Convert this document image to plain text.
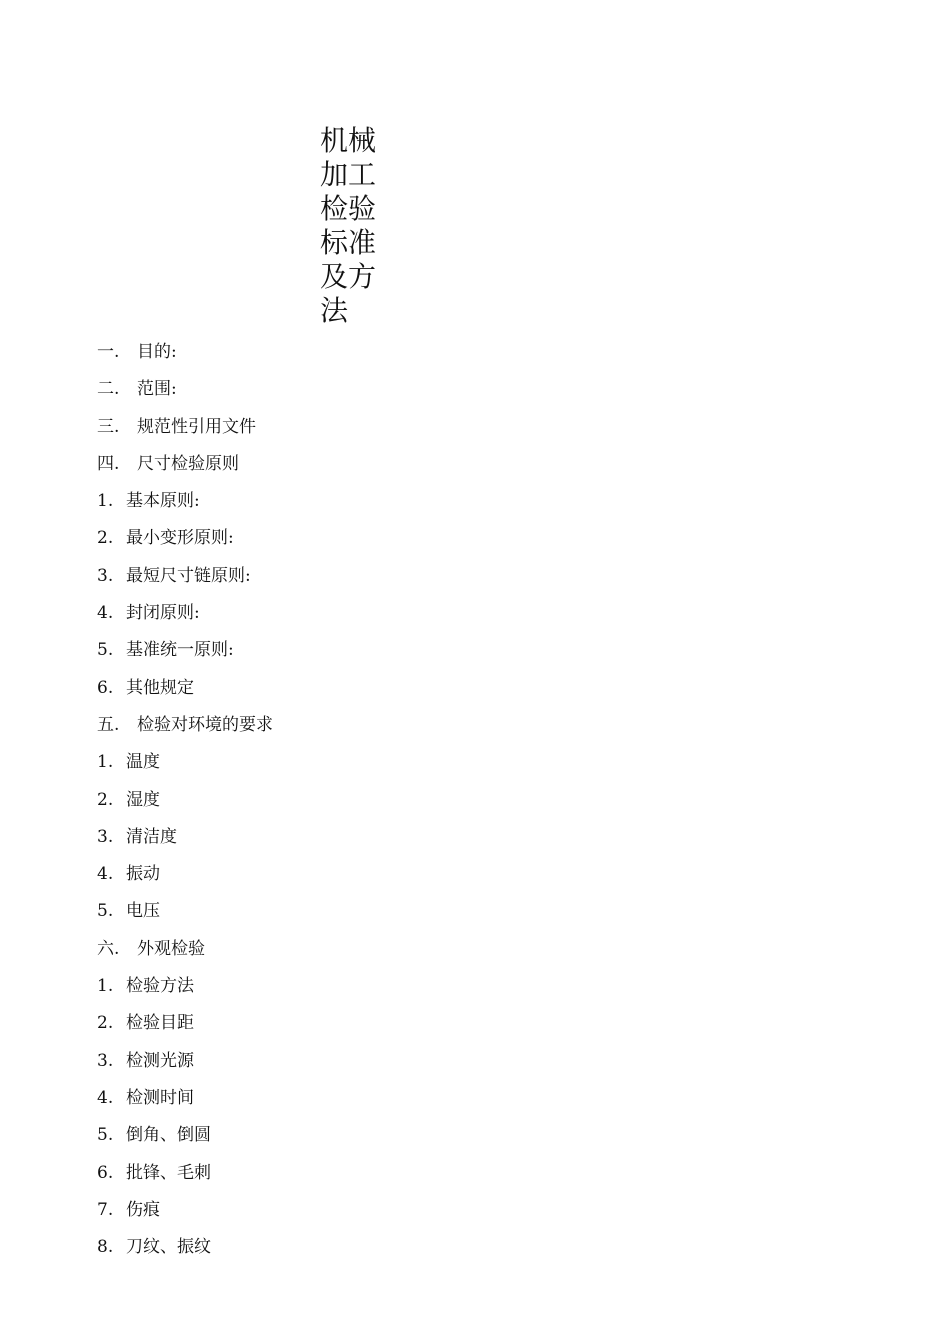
机械
加工
检验
标准
及方
法
一. 目的:
二. 范围:
三. 规范性引用文件
四. 尺寸检验原则
1. 基本原则:
2. 最小变形原则:
3. 最短尺寸链原则:
4. 封闭原则:
5. 基准统一原则:
6. 其他规定
五. 检验对环境的要求
1. 温度
2. 湿度
3. 清洁度
4. 振动
5. 电压
六. 外观检验
1. 检验方法
2. 检验目距
3. 检测光源
4. 检测时间
5. 倒角、倒圆
6. 批锋、毛刺
7. 伤痕
8. 刀纹、振纹
